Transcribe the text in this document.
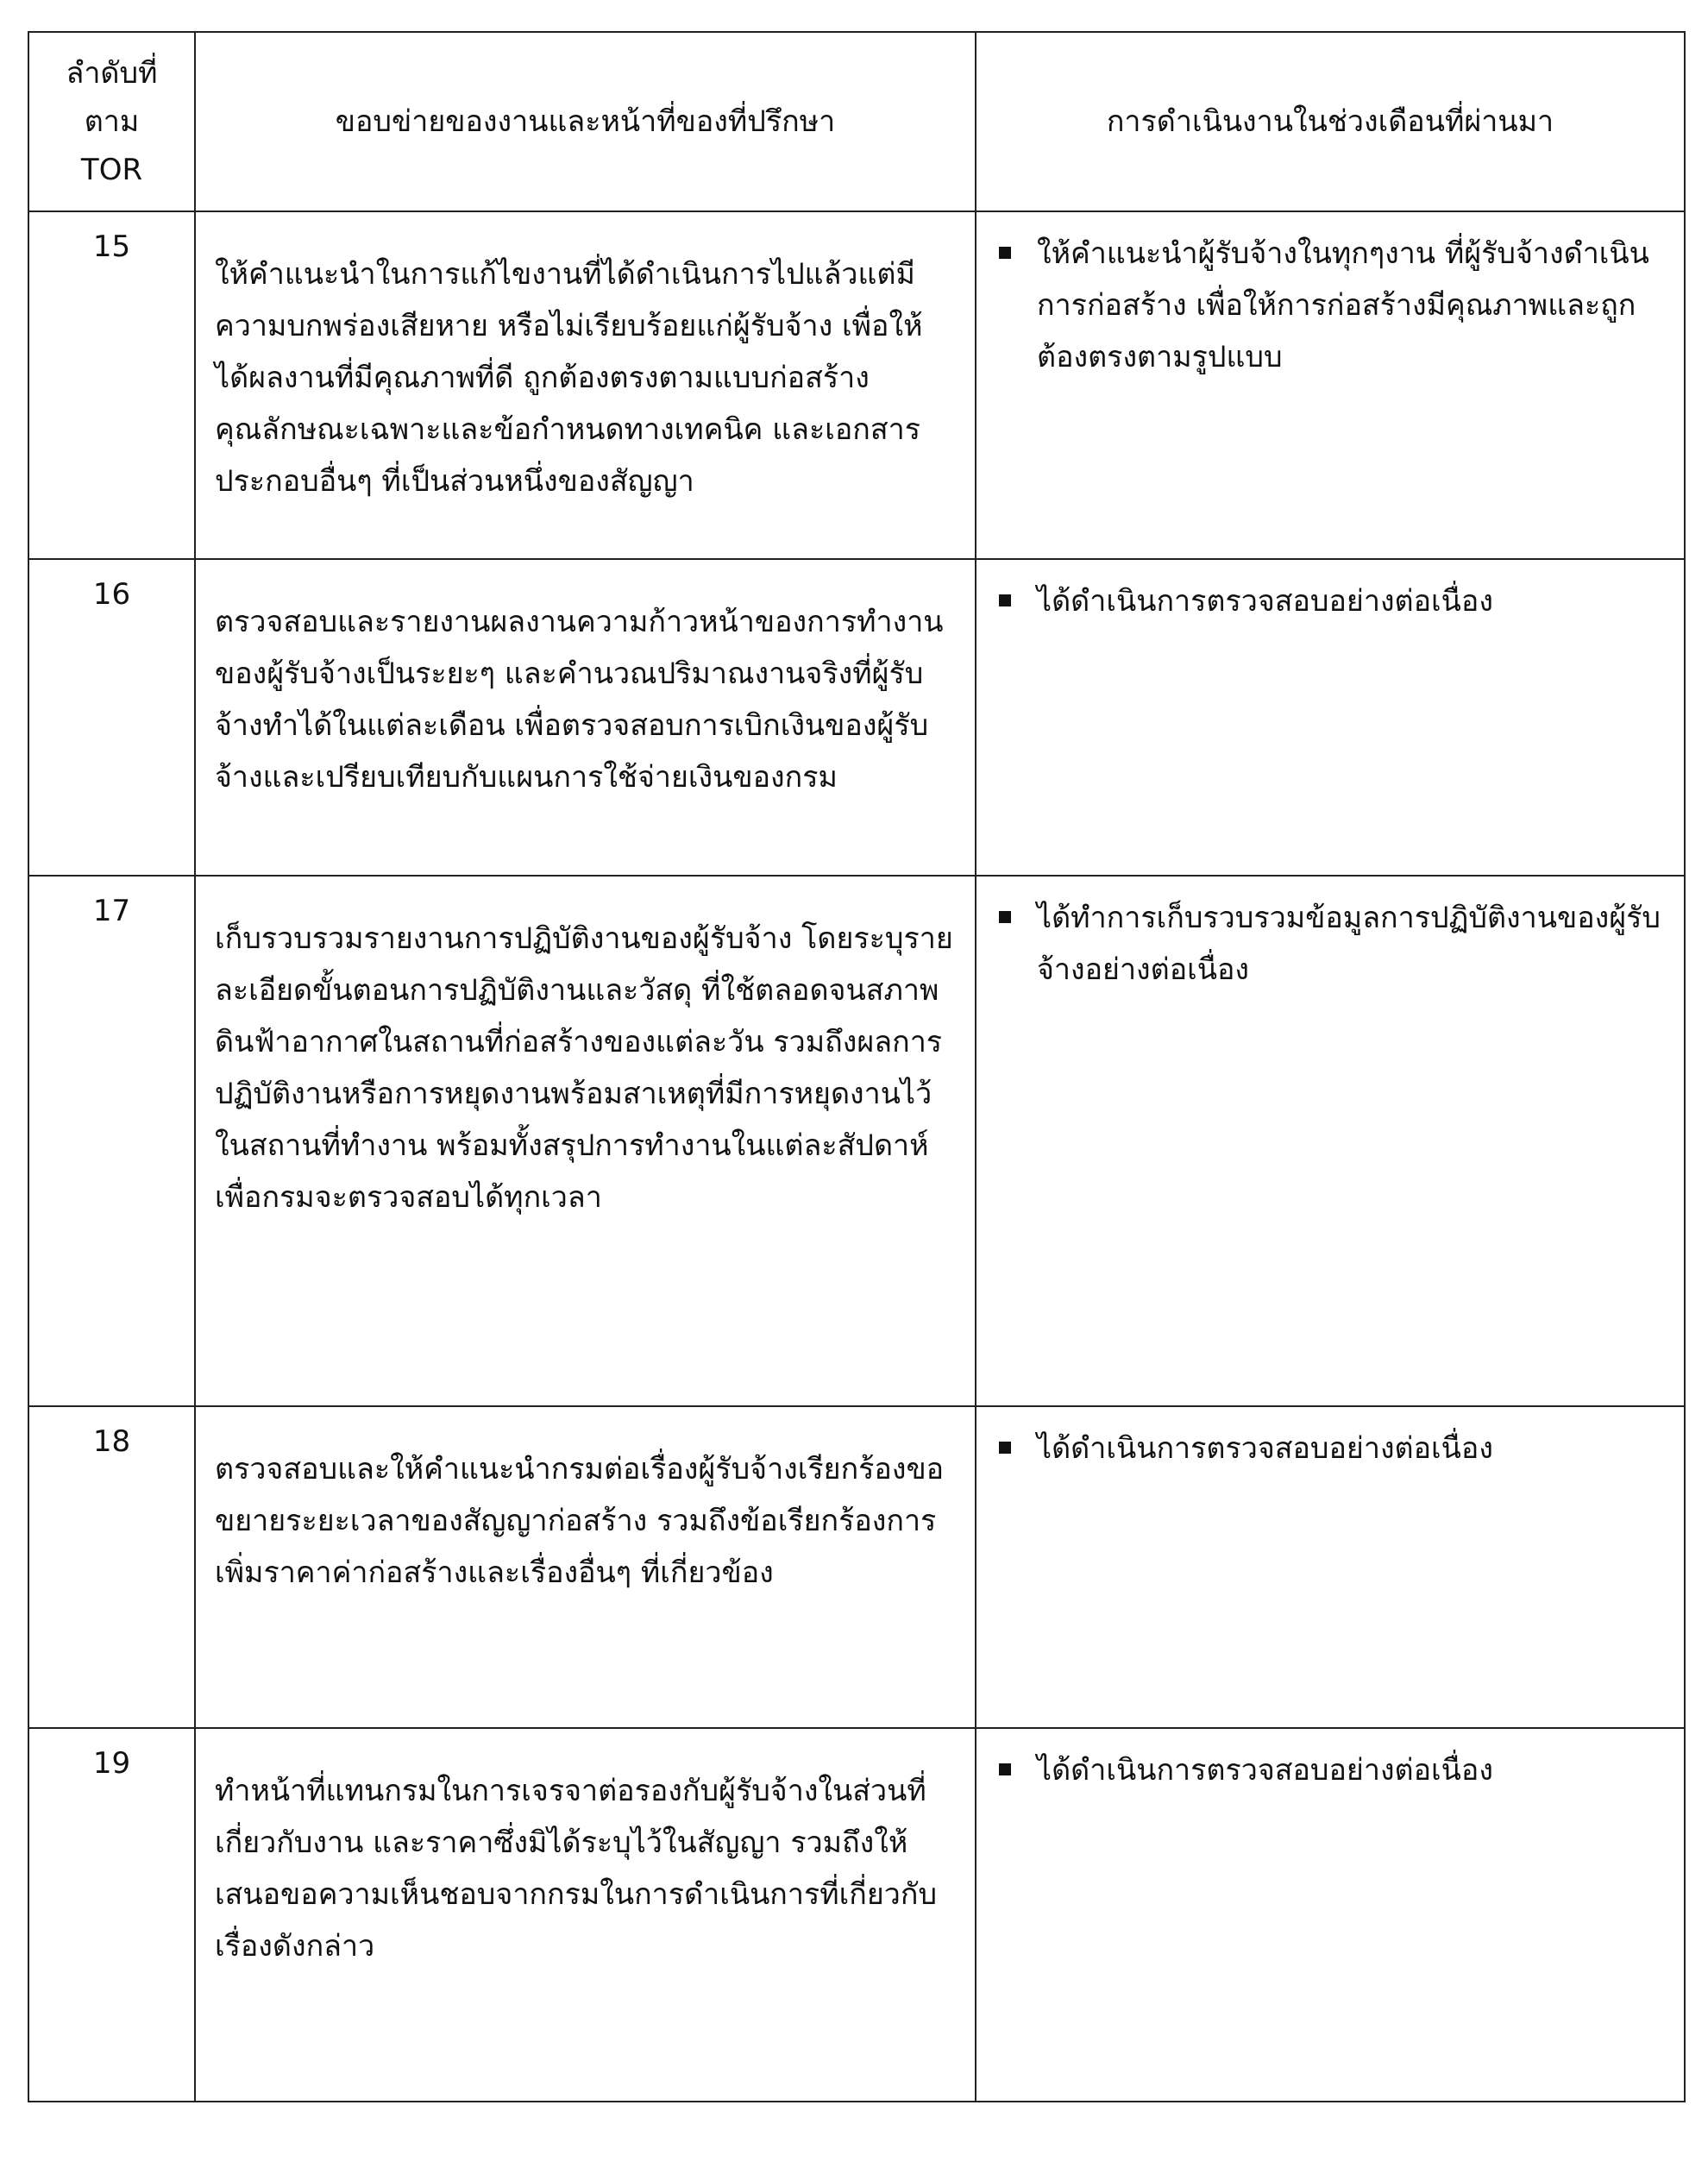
ลำดับที่ ตาม TOR	ขอบข่ายของงานและหน้าที่ของที่ปรึกษา	การดำเนินงานในช่วงเดือนที่ผ่านมา
15	ให้คำแนะนำในการแก้ไขงานที่ได้ดำเนินการไปแล้วแต่มีความบกพร่องเสียหาย หรือไม่เรียบร้อยแก่ผู้รับจ้าง เพื่อให้ได้ผลงานที่มีคุณภาพที่ดี ถูกต้องตรงตามแบบก่อสร้างคุณลักษณะเฉพาะและข้อกำหนดทางเทคนิค และเอกสารประกอบอื่นๆ ที่เป็นส่วนหนึ่งของสัญญา	ให้คำแนะนำผู้รับจ้างในทุกๆงาน ที่ผู้รับจ้างดำเนินการก่อสร้าง เพื่อให้การก่อสร้างมีคุณภาพและถูกต้องตรงตามรูปแบบ

16	ตรวจสอบและรายงานผลงานความก้าวหน้าของการทำงานของผู้รับจ้างเป็นระยะๆ และคำนวณปริมาณงานจริงที่ผู้รับจ้างทำได้ในแต่ละเดือน เพื่อตรวจสอบการเบิกเงินของผู้รับจ้างและเปรียบเทียบกับแผนการใช้จ่ายเงินของกรม	ได้ดำเนินการตรวจสอบอย่างต่อเนื่อง

17	เก็บรวบรวมรายงานการปฏิบัติงานของผู้รับจ้าง โดยระบุรายละเอียดขั้นตอนการปฏิบัติงานและวัสดุ ที่ใช้ตลอดจนสภาพดินฟ้าอากาศในสถานที่ก่อสร้างของแต่ละวัน รวมถึงผลการปฏิบัติงานหรือการหยุดงานพร้อมสาเหตุที่มีการหยุดงานไว้ในสถานที่ทำงาน พร้อมทั้งสรุปการทำงานในแต่ละสัปดาห์เพื่อกรมจะตรวจสอบได้ทุกเวลา	ได้ทำการเก็บรวบรวมข้อมูลการปฏิบัติงานของผู้รับจ้างอย่างต่อเนื่อง

18	ตรวจสอบและให้คำแนะนำกรมต่อเรื่องผู้รับจ้างเรียกร้องขอขยายระยะเวลาของสัญญาก่อสร้าง รวมถึงข้อเรียกร้องการเพิ่มราคาค่าก่อสร้างและเรื่องอื่นๆ ที่เกี่ยวข้อง	ได้ดำเนินการตรวจสอบอย่างต่อเนื่อง

19	ทำหน้าที่แทนกรมในการเจรจาต่อรองกับผู้รับจ้างในส่วนที่เกี่ยวกับงาน และราคาซึ่งมิได้ระบุไว้ในสัญญา รวมถึงให้เสนอขอความเห็นชอบจากกรมในการดำเนินการที่เกี่ยวกับเรื่องดังกล่าว	ได้ดำเนินการตรวจสอบอย่างต่อเนื่อง
